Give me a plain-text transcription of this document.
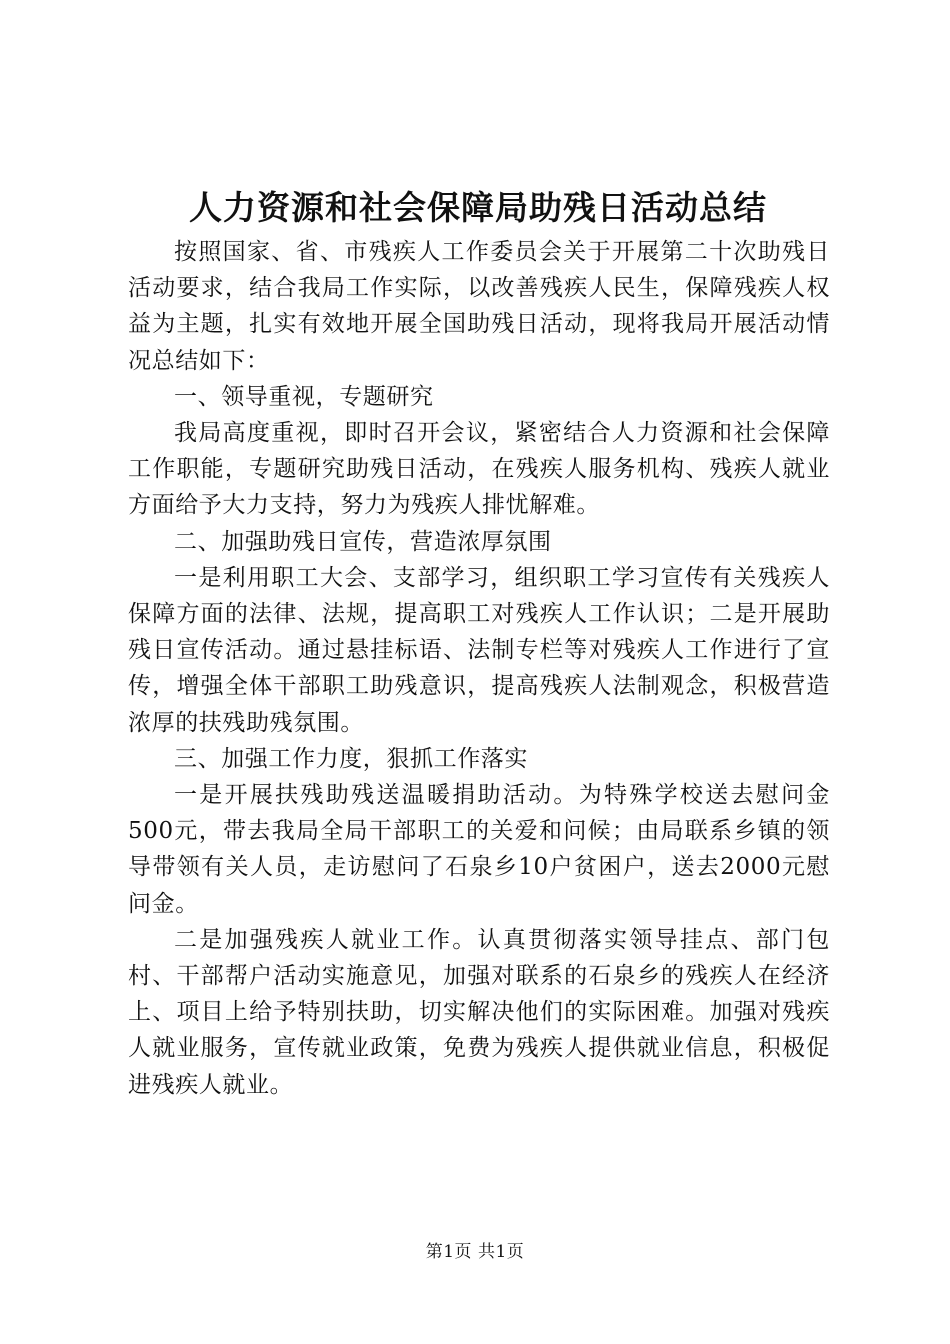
人力资源和社会保障局助残日活动总结

按照国家、省、市残疾人工作委员会关于开展第二十次助残日活动要求，结合我局工作实际，以改善残疾人民生，保障残疾人权益为主题，扎实有效地开展全国助残日活动，现将我局开展活动情况总结如下：

一、领导重视，专题研究

我局高度重视，即时召开会议，紧密结合人力资源和社会保障工作职能，专题研究助残日活动，在残疾人服务机构、残疾人就业方面给予大力支持，努力为残疾人排忧解难。

二、加强助残日宣传，营造浓厚氛围

一是利用职工大会、支部学习，组织职工学习宣传有关残疾人保障方面的法律、法规，提高职工对残疾人工作认识；二是开展助残日宣传活动。通过悬挂标语、法制专栏等对残疾人工作进行了宣传，增强全体干部职工助残意识，提高残疾人法制观念，积极营造浓厚的扶残助残氛围。

三、加强工作力度，狠抓工作落实

一是开展扶残助残送温暖捐助活动。为特殊学校送去慰问金500元，带去我局全局干部职工的关爱和问候；由局联系乡镇的领导带领有关人员，走访慰问了石泉乡10户贫困户，送去2000元慰问金。

二是加强残疾人就业工作。认真贯彻落实领导挂点、部门包村、干部帮户活动实施意见，加强对联系的石泉乡的残疾人在经济上、项目上给予特别扶助，切实解决他们的实际困难。加强对残疾人就业服务，宣传就业政策，免费为残疾人提供就业信息，积极促进残疾人就业。

第1页 共1页
